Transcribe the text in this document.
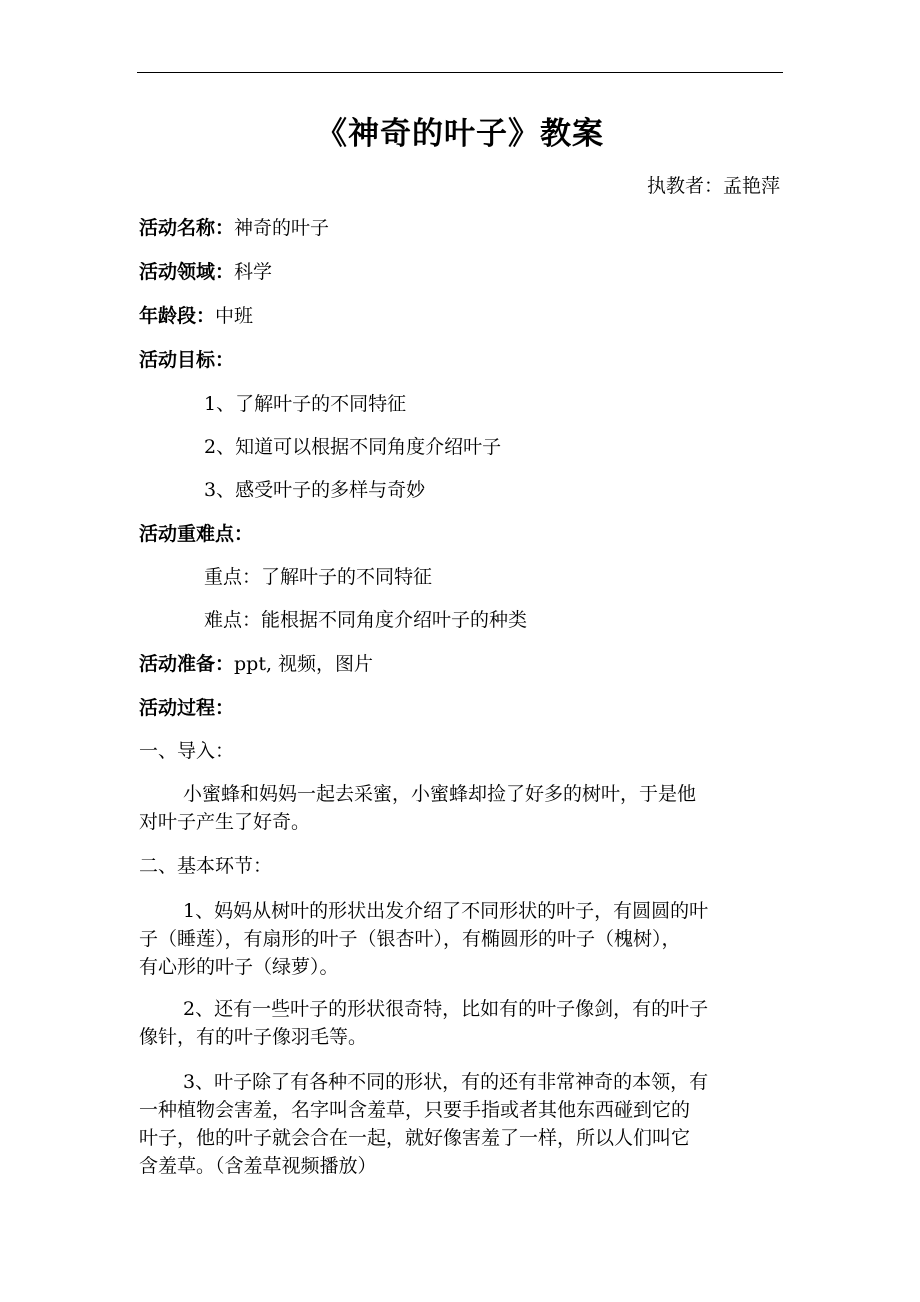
《神奇的叶子》教案
执教者：孟艳萍
活动名称：神奇的叶子
活动领域：科学
年龄段：中班
活动目标：
1、了解叶子的不同特征
2、知道可以根据不同角度介绍叶子
3、感受叶子的多样与奇妙
活动重难点：
重点：了解叶子的不同特征
难点：能根据不同角度介绍叶子的种类
活动准备：ppt, 视频，图片
活动过程：
一、导入：
小蜜蜂和妈妈一起去采蜜，小蜜蜂却捡了好多的树叶，于是他
对叶子产生了好奇。
二、基本环节：
1、妈妈从树叶的形状出发介绍了不同形状的叶子，有圆圆的叶
子（睡莲），有扇形的叶子（银杏叶），有椭圆形的叶子（槐树），
有心形的叶子（绿萝）。
2、还有一些叶子的形状很奇特，比如有的叶子像剑，有的叶子
像针，有的叶子像羽毛等。
3、叶子除了有各种不同的形状，有的还有非常神奇的本领，有
一种植物会害羞，名字叫含羞草，只要手指或者其他东西碰到它的
叶子，他的叶子就会合在一起，就好像害羞了一样，所以人们叫它
含羞草。（含羞草视频播放）
